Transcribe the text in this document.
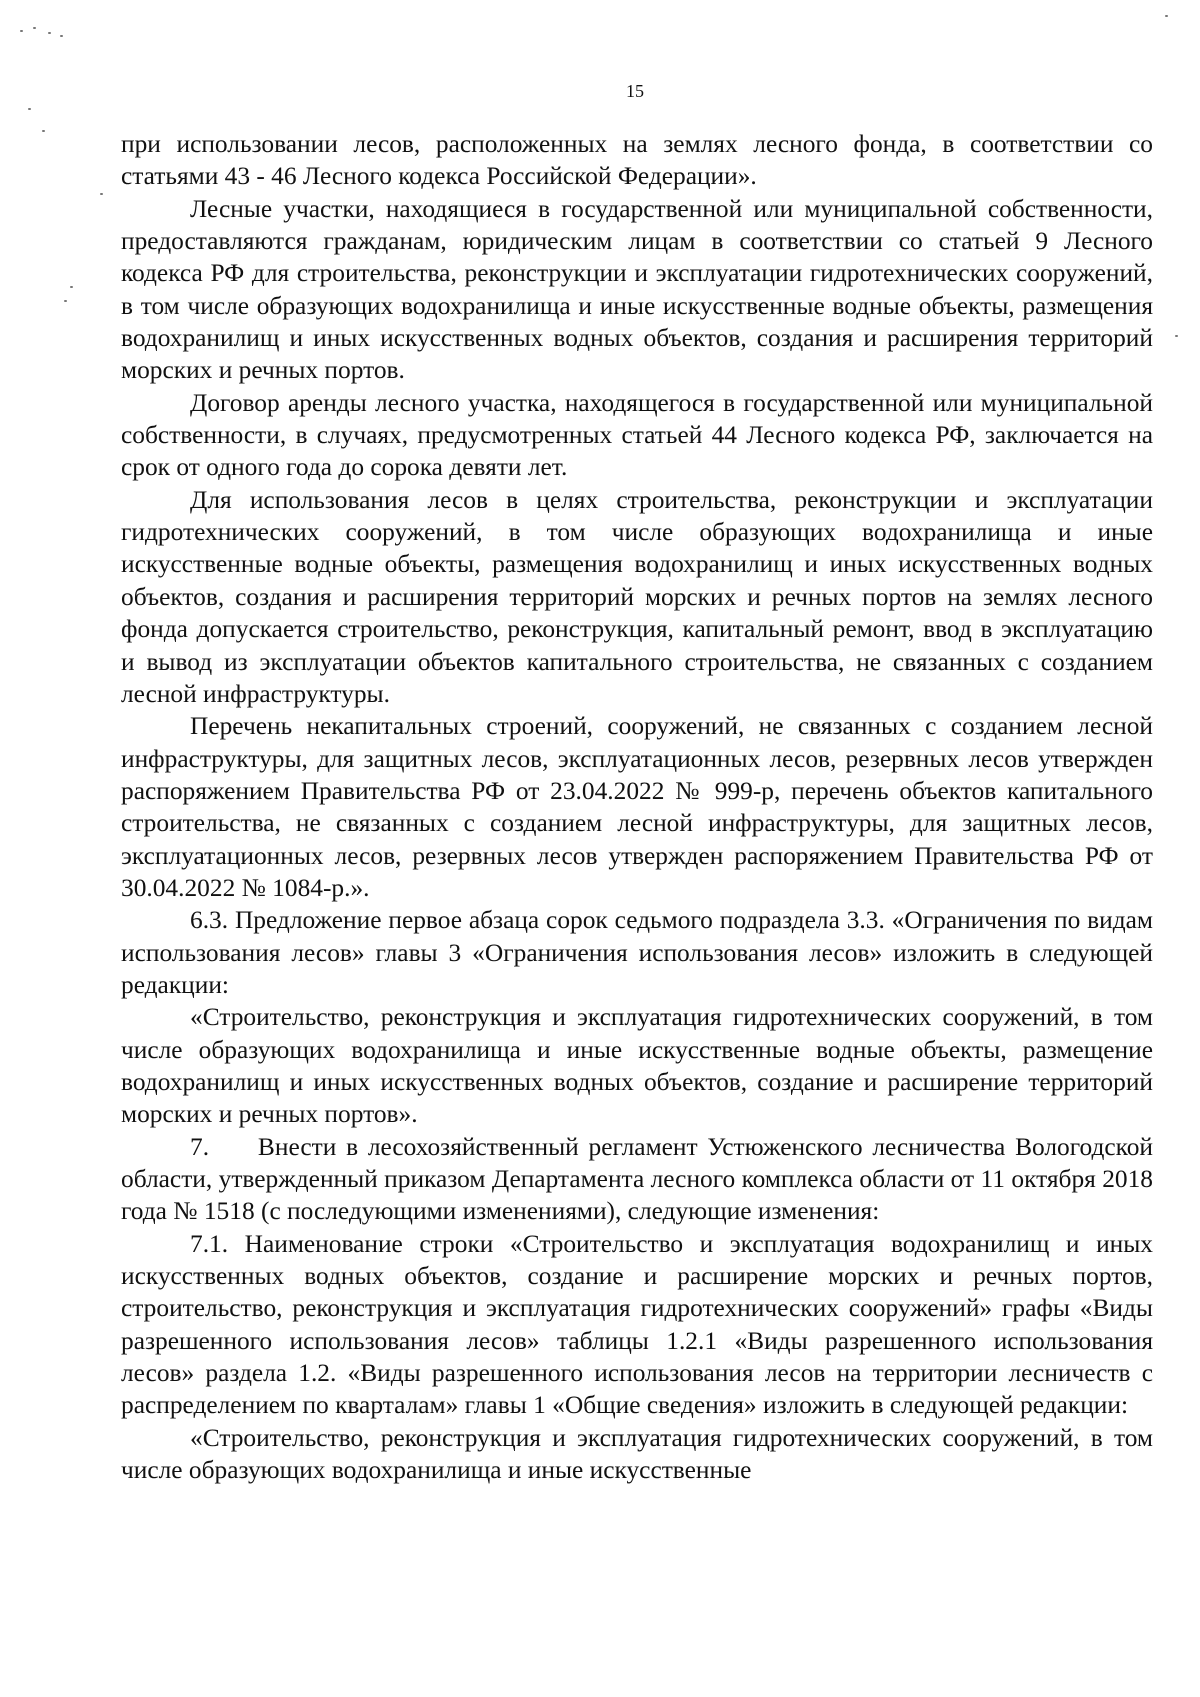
15

при использовании лесов, расположенных на землях лесного фонда, в соответствии со статьями 43 - 46 Лесного кодекса Российской Федерации».

Лесные участки, находящиеся в государственной или муниципальной собственности, предоставляются гражданам, юридическим лицам в соответствии со статьей 9 Лесного кодекса РФ для строительства, реконструкции и эксплуатации гидротехнических сооружений, в том числе образующих водохранилища и иные искусственные водные объекты, размещения водохранилищ и иных искусственных водных объектов, создания и расширения территорий морских и речных портов.

Договор аренды лесного участка, находящегося в государственной или муниципальной собственности, в случаях, предусмотренных статьей 44 Лесного кодекса РФ, заключается на срок от одного года до сорока девяти лет.

Для использования лесов в целях строительства, реконструкции и эксплуатации гидротехнических сооружений, в том числе образующих водохранилища и иные искусственные водные объекты, размещения водохранилищ и иных искусственных водных объектов, создания и расширения территорий морских и речных портов на землях лесного фонда допускается строительство, реконструкция, капитальный ремонт, ввод в эксплуатацию и вывод из эксплуатации объектов капитального строительства, не связанных с созданием лесной инфраструктуры.

Перечень некапитальных строений, сооружений, не связанных с созданием лесной инфраструктуры, для защитных лесов, эксплуатационных лесов, резервных лесов утвержден распоряжением Правительства РФ от 23.04.2022 № 999-р, перечень объектов капитального строительства, не связанных с созданием лесной инфраструктуры, для защитных лесов, эксплуатационных лесов, резервных лесов утвержден распоряжением Правительства РФ от 30.04.2022 № 1084-р.».

6.3. Предложение первое абзаца сорок седьмого подраздела 3.3. «Ограничения по видам использования лесов» главы 3 «Ограничения использования лесов» изложить в следующей редакции:

«Строительство, реконструкция и эксплуатация гидротехнических сооружений, в том числе образующих водохранилища и иные искусственные водные объекты, размещение водохранилищ и иных искусственных водных объектов, создание и расширение территорий морских и речных портов».

7.     Внести в лесохозяйственный регламент Устюженского лесничества Вологодской области, утвержденный приказом Департамента лесного комплекса области от 11 октября 2018 года № 1518 (с последующими изменениями), следующие изменения:

7.1. Наименование строки «Строительство и эксплуатация водохранилищ и иных искусственных водных объектов, создание и расширение морских и речных портов, строительство, реконструкция и эксплуатация гидротехнических сооружений» графы «Виды разрешенного использования лесов» таблицы 1.2.1 «Виды разрешенного использования лесов» раздела 1.2. «Виды разрешенного использования лесов на территории лесничеств с распределением по кварталам» главы 1 «Общие сведения» изложить в следующей редакции:

«Строительство, реконструкция и эксплуатация гидротехнических сооружений, в том числе образующих водохранилища и иные искусственные
